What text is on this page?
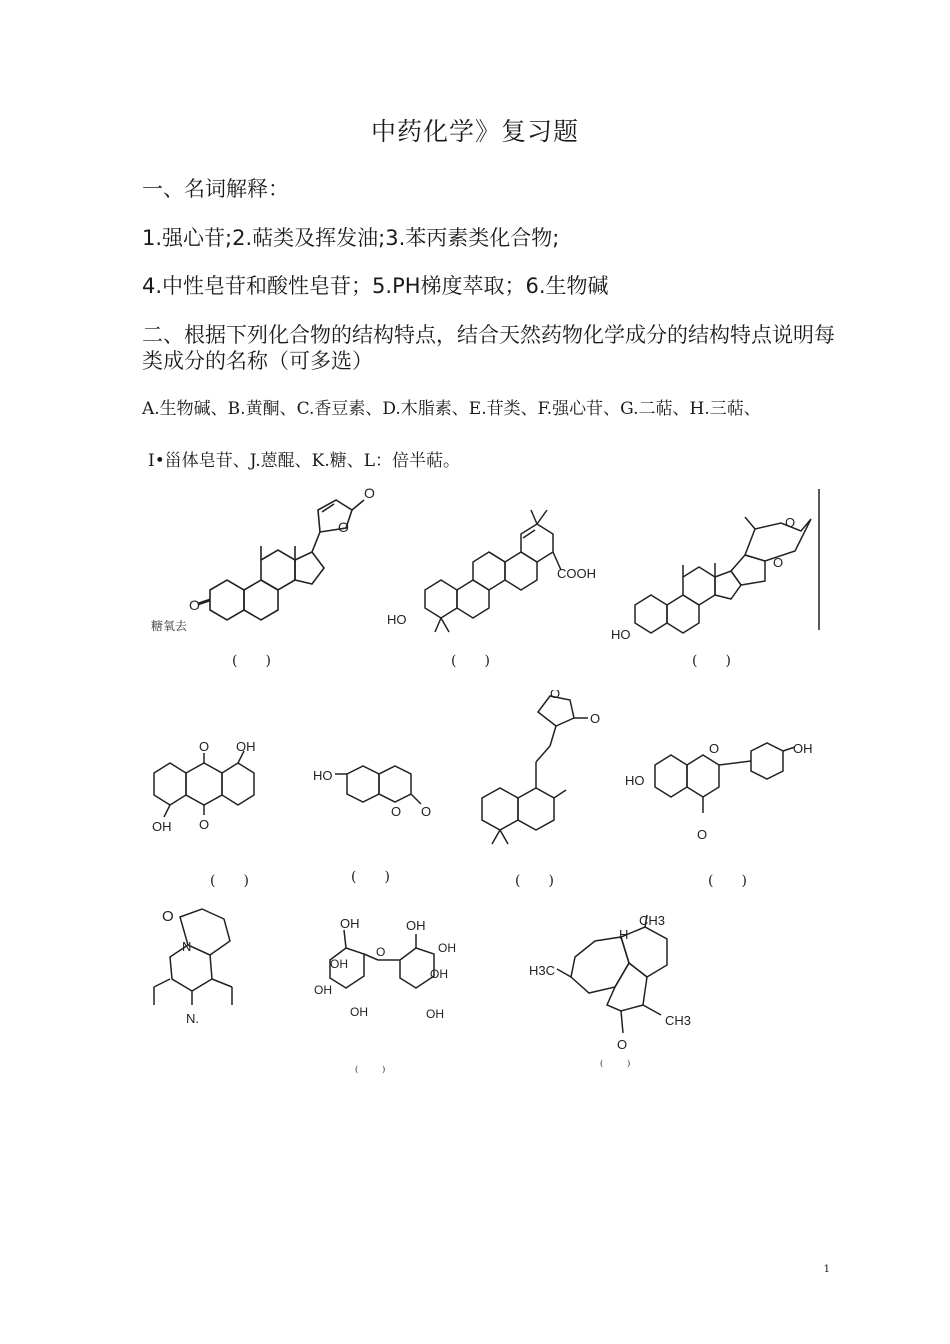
中药化学》复习题
一、名词解释：
1.强心苷;2.萜类及挥发油;3.苯丙素类化合物;
4.中性皂苷和酸性皂苷；5.PH梯度萃取；6.生物碱
二、根据下列化合物的结构特点，结合天然药物化学成分的结构特点说明每类成分的名称（可多选）
A.生物碱、B.黄酮、C.香豆素、D.木脂素、E.苷类、F.强心苷、G.二萜、H.三萜、
I•甾体皂苷、J.蒽醌、K.糖、L：倍半萜。
O
O
O
糖氧去
(　　)
HO
COOH
(　　)
HO
O
O
(　　)
O
O
OH
OH
(　　)
HO
O O
(　　)
O
O
(　　)
HO
OH
O
O
(　　)
O
N
N.
OH
OH
OH
OH
OH
OH
OH
OH
O
(　　　)
CH3
H
H3C
CH3
O
(　　　)
1
